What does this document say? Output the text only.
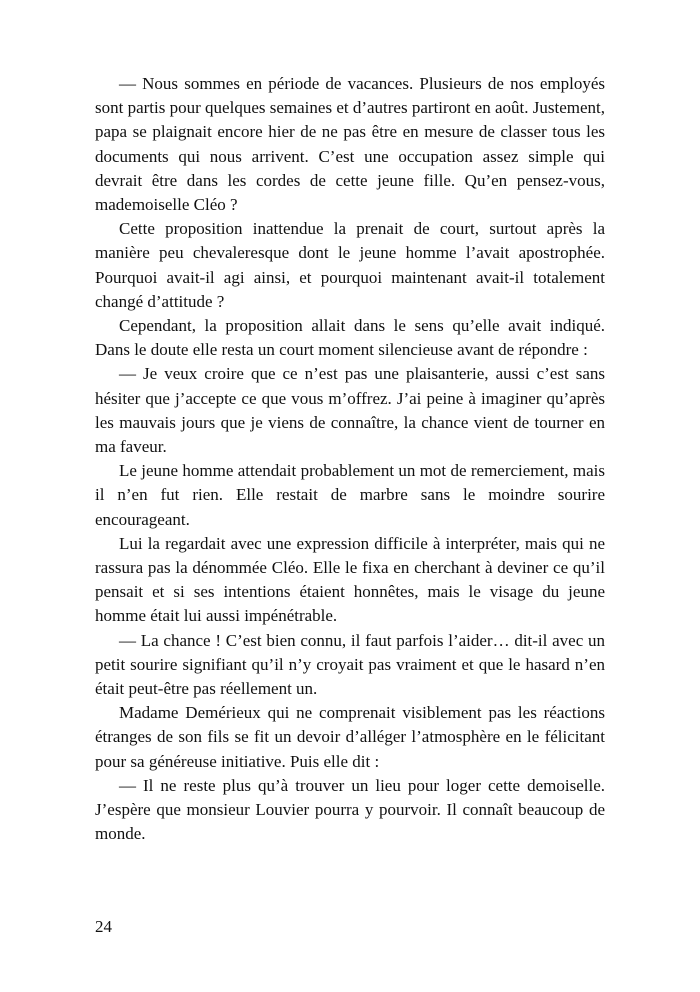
— Nous sommes en période de vacances. Plusieurs de nos employés sont partis pour quelques semaines et d’autres partiront en août. Justement, papa se plaignait encore hier de ne pas être en mesure de classer tous les documents qui nous arrivent. C’est une occupation assez simple qui devrait être dans les cordes de cette jeune fille. Qu’en pensez-vous, mademoiselle Cléo ?

Cette proposition inattendue la prenait de court, surtout après la manière peu chevaleresque dont le jeune homme l’avait apostrophée. Pourquoi avait-il agi ainsi, et pourquoi maintenant avait-il totalement changé d’attitude ?

Cependant, la proposition allait dans le sens qu’elle avait indiqué. Dans le doute elle resta un court moment silencieuse avant de répondre :

— Je veux croire que ce n’est pas une plaisanterie, aussi c’est sans hésiter que j’accepte ce que vous m’offrez. J’ai peine à imaginer qu’après les mauvais jours que je viens de connaître, la chance vient de tourner en ma faveur.

Le jeune homme attendait probablement un mot de remerciement, mais il n’en fut rien. Elle restait de marbre sans le moindre sourire encourageant.

Lui la regardait avec une expression difficile à interpréter, mais qui ne rassura pas la dénommée Cléo. Elle le fixa en cherchant à deviner ce qu’il pensait et si ses intentions étaient honnêtes, mais le visage du jeune homme était lui aussi impénétrable.

— La chance ! C’est bien connu, il faut parfois l’aider… dit-il avec un petit sourire signifiant qu’il n’y croyait pas vraiment et que le hasard n’en était peut-être pas réellement un.

Madame Demérieux qui ne comprenait visiblement pas les réactions étranges de son fils se fit un devoir d’alléger l’atmosphère en le félicitant pour sa généreuse initiative. Puis elle dit :

— Il ne reste plus qu’à trouver un lieu pour loger cette demoiselle. J’espère que monsieur Louvier pourra y pourvoir. Il connaît beaucoup de monde.

24
